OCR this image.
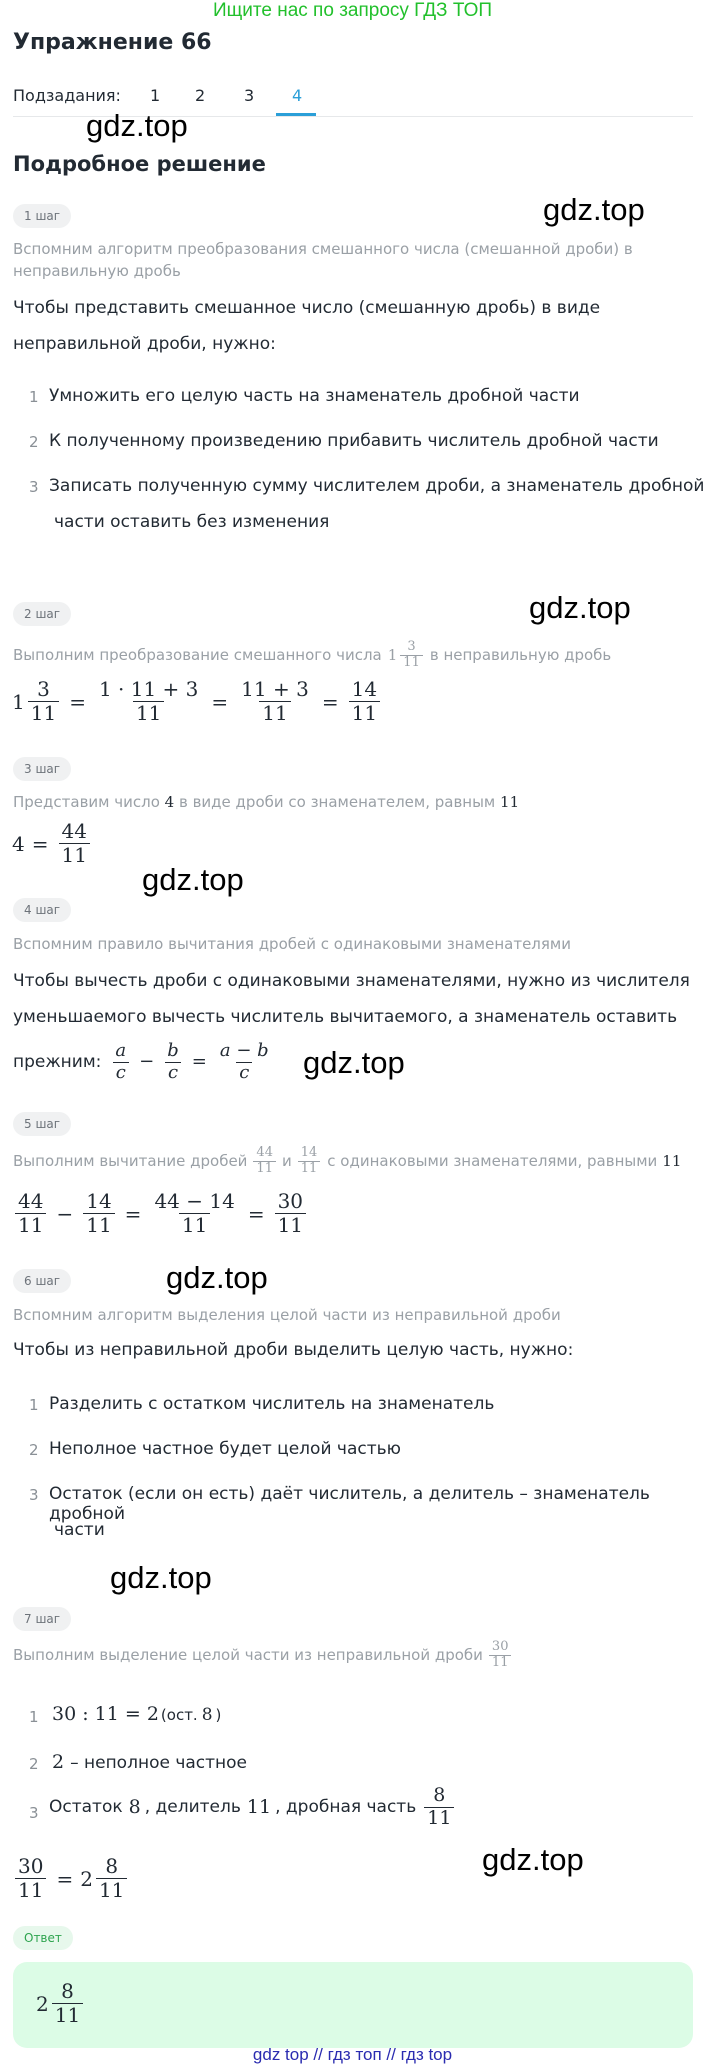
Ищите нас по запросу ГДЗ ТОП
Упражнение 66
Подзадания: 1 2 3 4
gdz.top
Подробное решение
gdz.top
1 шаг
Вспомним алгоритм преобразования смешанного числа (смешанной дроби) в неправильную дробь
Чтобы представить смешанное число (смешанную дробь) в виде
неправильной дроби, нужно:
1 Умножить его целую часть на знаменатель дробной части
2 К полученному произведению прибавить числитель дробной части
3 Записать полученную сумму числителем дроби, а знаменатель дробной
части оставить без изменения
gdz.top
2 шаг
Выполним преобразование смешанного числа $1 \frac{3}{11}$ в неправильную дробь
$1 \frac{3}{11} = \frac{1 \cdot 11 + 3}{11} = \frac{11 + 3}{11} = \frac{14}{11}$
3 шаг
Представим число 4 в виде дроби со знаменателем, равным 11
$4 = \frac{44}{11}$
gdz.top
4 шаг
Вспомним правило вычитания дробей с одинаковыми знаменателями
Чтобы вычесть дроби с одинаковыми знаменателями, нужно из числителя
уменьшаемого вычесть числитель вычитаемого, а знаменатель оставить
прежним: $\frac{a}{c} - \frac{b}{c} = \frac{a - b}{c} gdz.top$
5 шаг
Выполним вычитание дробей $\frac{44}{11}$ и $\frac{14}{11}$ с одинаковыми знаменателями, равными 11
$\frac{44}{11} - \frac{14}{11} = \frac{44 - 14}{11} = \frac{30}{11}$
6 шаг	gdz.top
Вспомним алгоритм выделения целой части из неправильной дроби
Чтобы из неправильной дроби выделить целую часть, нужно:
1 Разделить с остатком числитель на знаменатель
2 Неполное частное будет целой частью
3 Остаток (если он есть) даёт числитель, а делитель – знаменатель дробной
части
gdz.top
7 шаг
Выполним выделение целой части из неправильной дроби $\frac{30}{11}$
1 30 : 11 = 2 (ост. 8 )
2 2 – неполное частное
3 Остаток 8 , делитель 11 , дробная часть $\frac{8}{11}$
gdz.top
$\frac{30}{11} = 2 \frac{8}{11}$
Ответ
$2 \frac{8}{11}$
gdz top // гдз топ // гдз top
